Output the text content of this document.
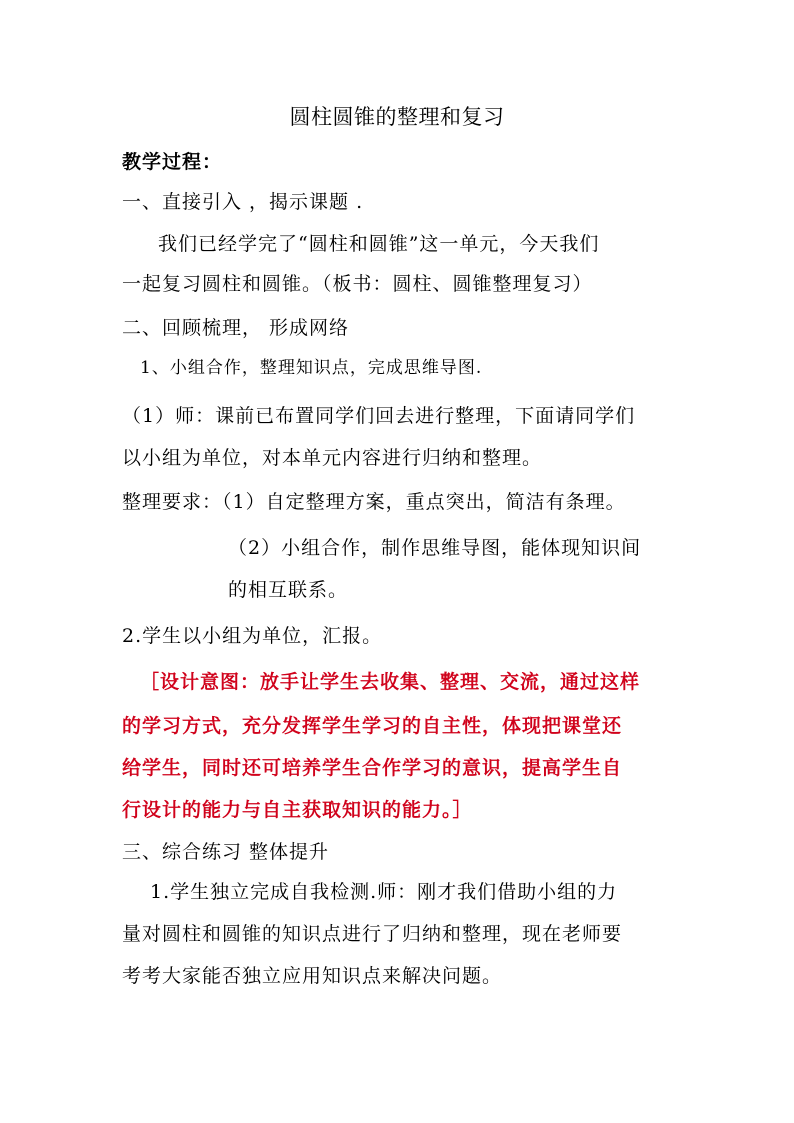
圆柱圆锥的整理和复习
教学过程：
一、直接引入 ，揭示课题 .
我们已经学完了“圆柱和圆锥”这一单元，今天我们
一起复习圆柱和圆锥。（板书：圆柱、圆锥整理复习）
二、回顾梳理， 形成网络
1、小组合作，整理知识点，完成思维导图.
（1）师：课前已布置同学们回去进行整理，下面请同学们
以小组为单位，对本单元内容进行归纳和整理。
整理要求：（1）自定整理方案，重点突出，简洁有条理。
（2）小组合作，制作思维导图，能体现知识间
的相互联系。
2.学生以小组为单位，汇报。
［设计意图：放手让学生去收集、整理、交流，通过这样
的学习方式，充分发挥学生学习的自主性，体现把课堂还
给学生，同时还可培养学生合作学习的意识，提高学生自
行设计的能力与自主获取知识的能力。］
三、综合练习 整体提升
1.学生独立完成自我检测.师：刚才我们借助小组的力
量对圆柱和圆锥的知识点进行了归纳和整理，现在老师要
考考大家能否独立应用知识点来解决问题。
